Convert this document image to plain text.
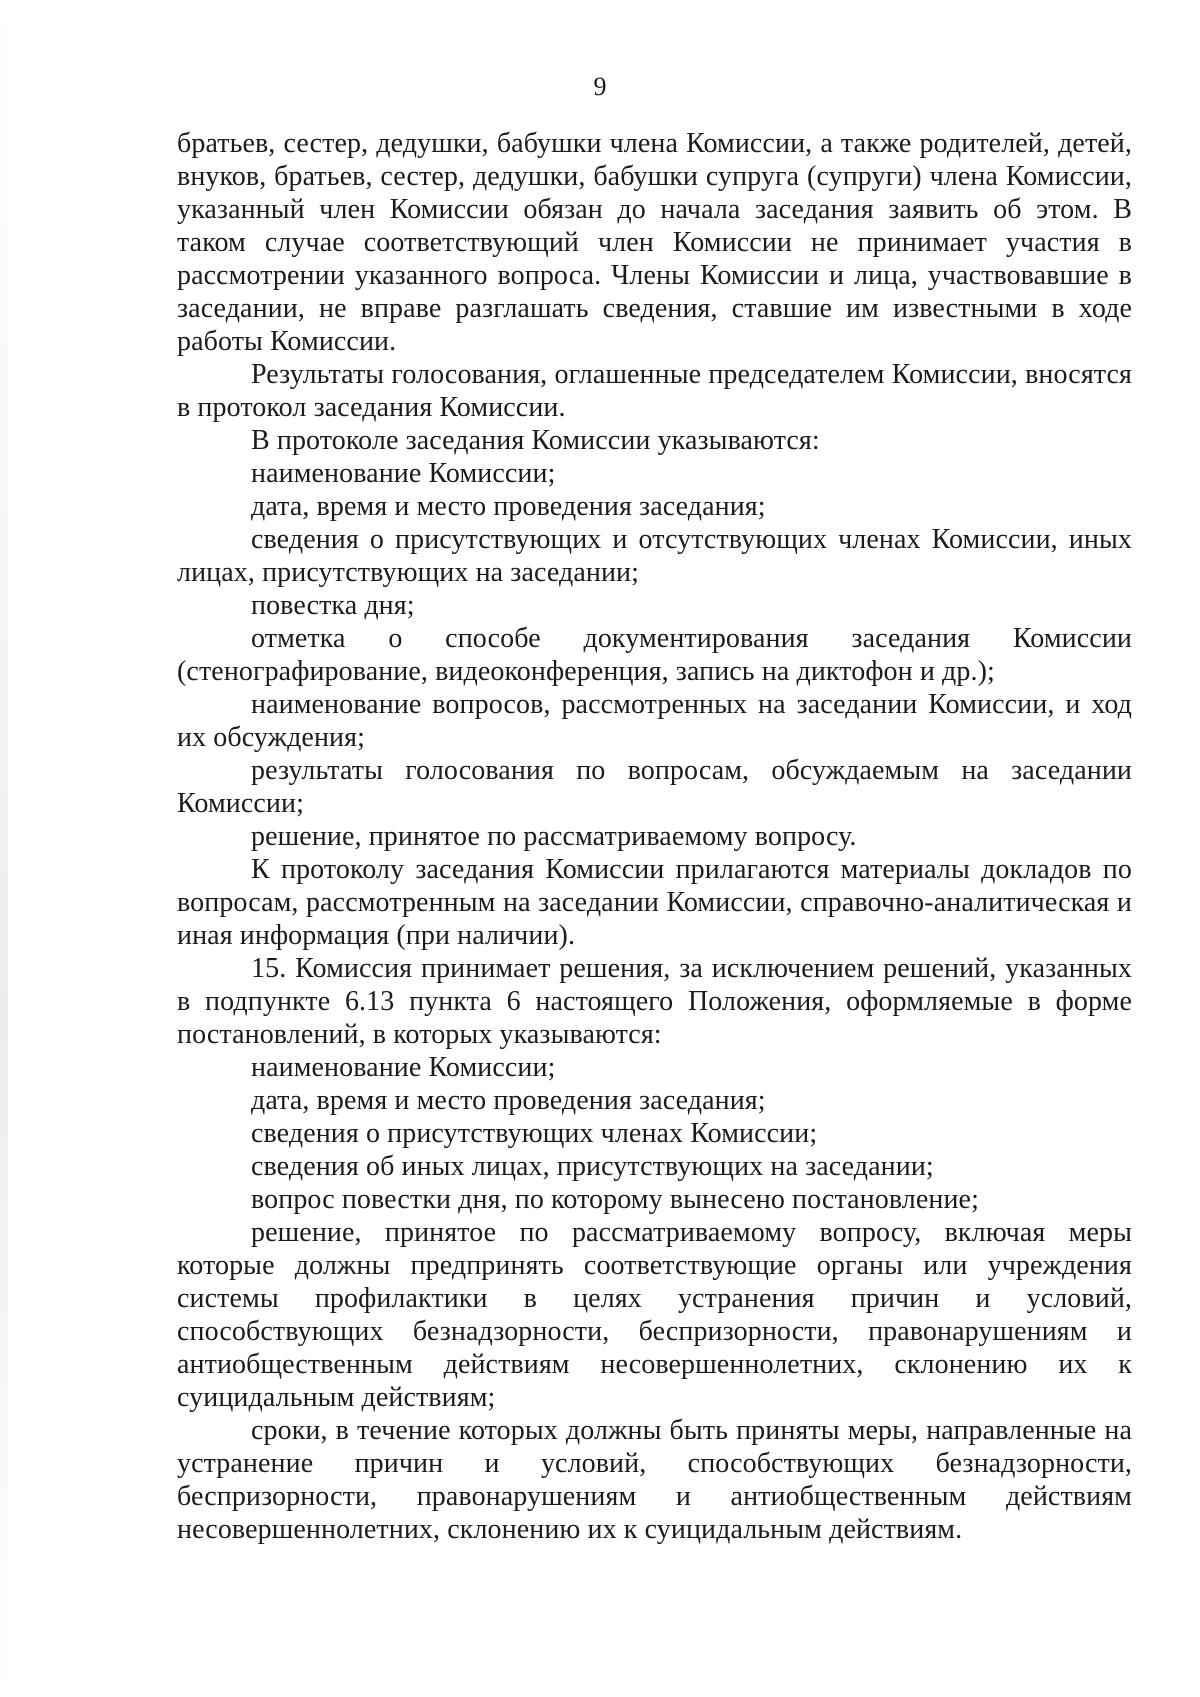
9

братьев, сестер, дедушки, бабушки члена Комиссии, а также родителей, детей, внуков, братьев, сестер, дедушки, бабушки супруга (супруги) члена Комиссии, указанный член Комиссии обязан до начала заседания заявить об этом. В таком случае соответствующий член Комиссии не принимает участия в рассмотрении указанного вопроса. Члены Комиссии и лица, участвовавшие в заседании, не вправе разглашать сведения, ставшие им известными в ходе работы Комиссии.

Результаты голосования, оглашенные председателем Комиссии, вносятся в протокол заседания Комиссии.

В протоколе заседания Комиссии указываются:

наименование Комиссии;

дата, время и место проведения заседания;

сведения о присутствующих и отсутствующих членах Комиссии, иных лицах, присутствующих на заседании;

повестка дня;

отметка о способе документирования заседания Комиссии (стенографирование, видеоконференция, запись на диктофон и др.);

наименование вопросов, рассмотренных на заседании Комиссии, и ход их обсуждения;

результаты голосования по вопросам, обсуждаемым на заседании Комиссии;

решение, принятое по рассматриваемому вопросу.

К протоколу заседания Комиссии прилагаются материалы докладов по вопросам, рассмотренным на заседании Комиссии, справочно-аналитическая и иная информация (при наличии).

15. Комиссия принимает решения, за исключением решений, указанных в подпункте 6.13 пункта 6 настоящего Положения, оформляемые в форме постановлений, в которых указываются:

наименование Комиссии;

дата, время и место проведения заседания;

сведения о присутствующих членах Комиссии;

сведения об иных лицах, присутствующих на заседании;

вопрос повестки дня, по которому вынесено постановление;

решение, принятое по рассматриваемому вопросу, включая меры которые должны предпринять соответствующие органы или учреждения системы профилактики в целях устранения причин и условий, способствующих безнадзорности, беспризорности, правонарушениям и антиобщественным действиям несовершеннолетних, склонению их к суицидальным действиям;

сроки, в течение которых должны быть приняты меры, направленные на устранение причин и условий, способствующих безнадзорности, беспризорности, правонарушениям и антиобщественным действиям несовершеннолетних, склонению их к суицидальным действиям.
